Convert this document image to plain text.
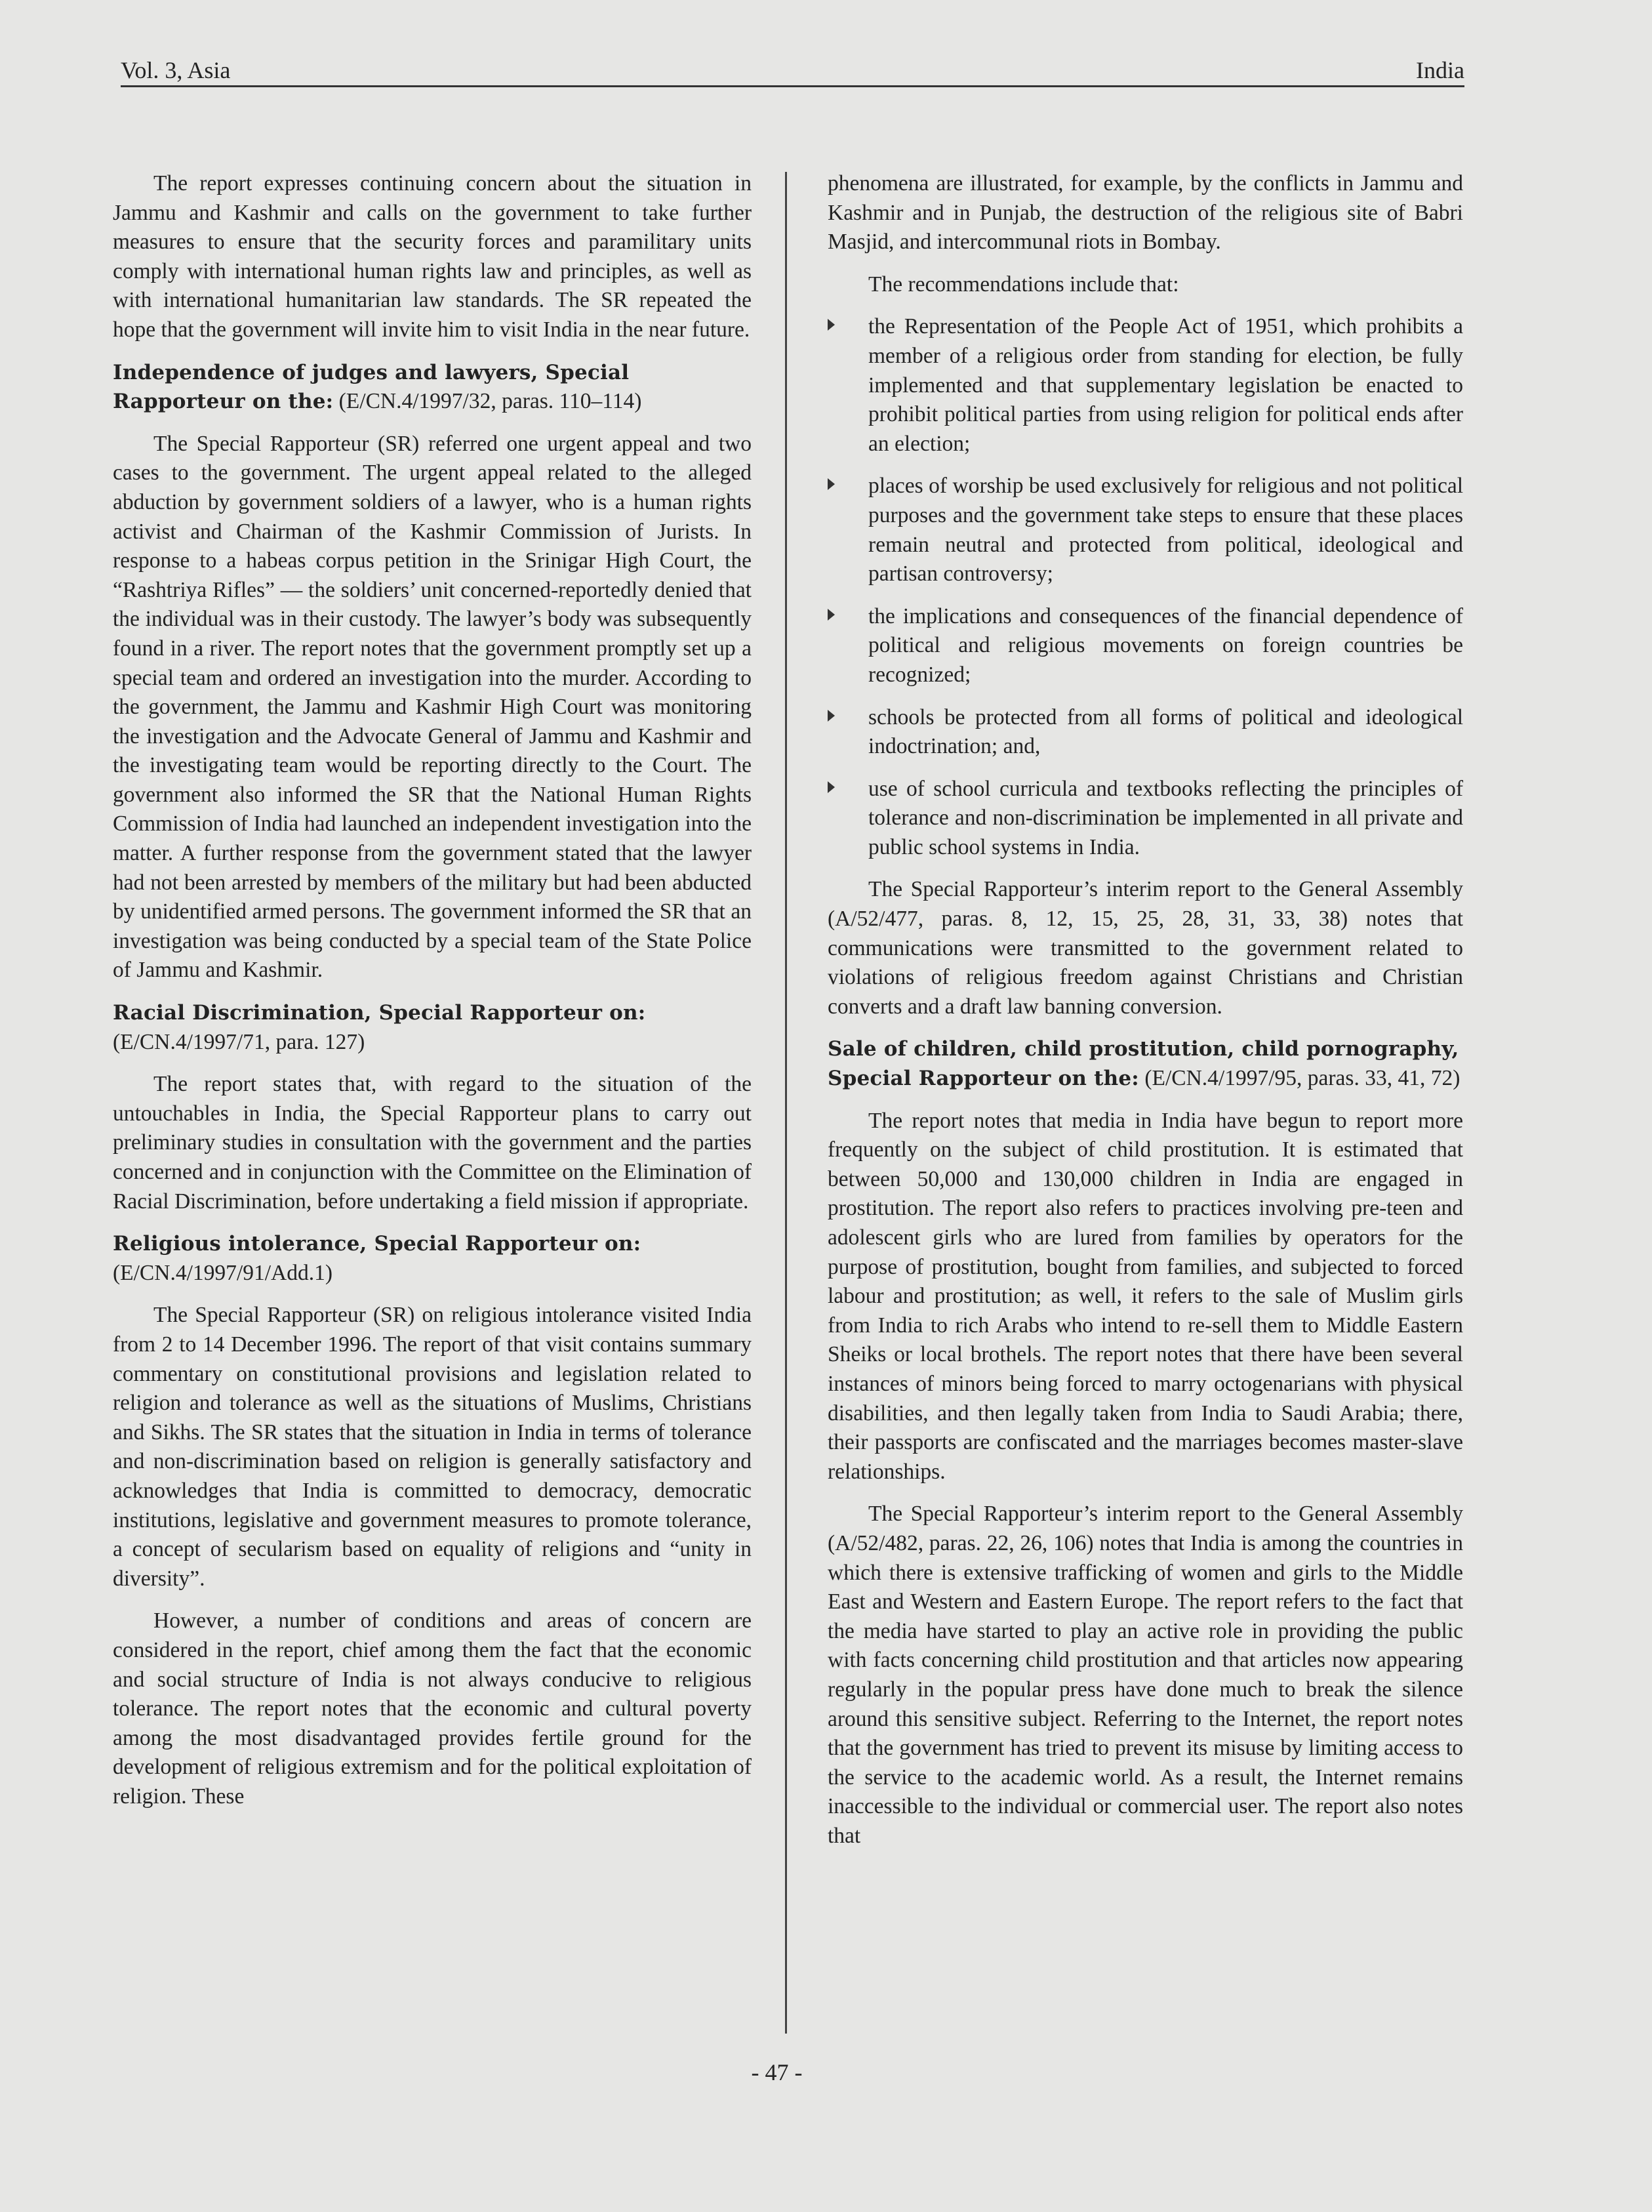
Vol. 3, Asia	India

The report expresses continuing concern about the situation in Jammu and Kashmir and calls on the government to take further measures to ensure that the security forces and paramilitary units comply with international human rights law and principles, as well as with international humanitarian law standards. The SR repeated the hope that the government will invite him to visit India in the near future.

Independence of judges and lawyers, Special Rapporteur on the: (E/CN.4/1997/32, paras. 110–114)

The Special Rapporteur (SR) referred one urgent appeal and two cases to the government. The urgent appeal related to the alleged abduction by government soldiers of a lawyer, who is a human rights activist and Chairman of the Kashmir Commission of Jurists. In response to a habeas corpus petition in the Srinigar High Court, the “Rashtriya Rifles” — the soldiers’ unit concerned-reportedly denied that the individual was in their custody. The lawyer’s body was subsequently found in a river. The report notes that the government promptly set up a special team and ordered an investigation into the murder. According to the government, the Jammu and Kashmir High Court was monitoring the investigation and the Advocate General of Jammu and Kashmir and the investigating team would be reporting directly to the Court. The government also informed the SR that the National Human Rights Commission of India had launched an independent investigation into the matter. A further response from the government stated that the lawyer had not been arrested by members of the military but had been abducted by unidentified armed persons. The government informed the SR that an investigation was being conducted by a special team of the State Police of Jammu and Kashmir.

Racial Discrimination, Special Rapporteur on:
(E/CN.4/1997/71, para. 127)

The report states that, with regard to the situation of the untouchables in India, the Special Rapporteur plans to carry out preliminary studies in consultation with the government and the parties concerned and in conjunction with the Committee on the Elimination of Racial Discrimination, before undertaking a field mission if appropriate.

Religious intolerance, Special Rapporteur on:
(E/CN.4/1997/91/Add.1)

The Special Rapporteur (SR) on religious intolerance visited India from 2 to 14 December 1996. The report of that visit contains summary commentary on constitutional provisions and legislation related to religion and tolerance as well as the situations of Muslims, Christians and Sikhs. The SR states that the situation in India in terms of tolerance and non-discrimination based on religion is generally satisfactory and acknowledges that India is committed to democracy, democratic institutions, legislative and government measures to promote tolerance, a concept of secularism based on equality of religions and “unity in diversity”.

However, a number of conditions and areas of concern are considered in the report, chief among them the fact that the economic and social structure of India is not always conducive to religious tolerance. The report notes that the economic and cultural poverty among the most disadvantaged provides fertile ground for the development of religious extremism and for the political exploitation of religion. These

phenomena are illustrated, for example, by the conflicts in Jammu and Kashmir and in Punjab, the destruction of the religious site of Babri Masjid, and intercommunal riots in Bombay.

The recommendations include that:

the Representation of the People Act of 1951, which prohibits a member of a religious order from standing for election, be fully implemented and that supplementary legislation be enacted to prohibit political parties from using religion for political ends after an election;
places of worship be used exclusively for religious and not political purposes and the government take steps to ensure that these places remain neutral and protected from political, ideological and partisan controversy;
the implications and consequences of the financial dependence of political and religious movements on foreign countries be recognized;
schools be protected from all forms of political and ideological indoctrination; and,
use of school curricula and textbooks reflecting the principles of tolerance and non-discrimination be implemented in all private and public school systems in India.

The Special Rapporteur’s interim report to the General Assembly (A/52/477, paras. 8, 12, 15, 25, 28, 31, 33, 38) notes that communications were transmitted to the government related to violations of religious freedom against Christians and Christian converts and a draft law banning conversion.

Sale of children, child prostitution, child pornography, Special Rapporteur on the: (E/CN.4/1997/95, paras. 33, 41, 72)

The report notes that media in India have begun to report more frequently on the subject of child prostitution. It is estimated that between 50,000 and 130,000 children in India are engaged in prostitution. The report also refers to practices involving pre-teen and adolescent girls who are lured from families by operators for the purpose of prostitution, bought from families, and subjected to forced labour and prostitution; as well, it refers to the sale of Muslim girls from India to rich Arabs who intend to re-sell them to Middle Eastern Sheiks or local brothels. The report notes that there have been several instances of minors being forced to marry octogenarians with physical disabilities, and then legally taken from India to Saudi Arabia; there, their passports are confiscated and the marriages becomes master-slave relationships.

The Special Rapporteur’s interim report to the General Assembly (A/52/482, paras. 22, 26, 106) notes that India is among the countries in which there is extensive trafficking of women and girls to the Middle East and Western and Eastern Europe. The report refers to the fact that the media have started to play an active role in providing the public with facts concerning child prostitution and that articles now appearing regularly in the popular press have done much to break the silence around this sensitive subject. Referring to the Internet, the report notes that the government has tried to prevent its misuse by limiting access to the service to the academic world. As a result, the Internet remains inaccessible to the individual or commercial user. The report also notes that

- 47 -
